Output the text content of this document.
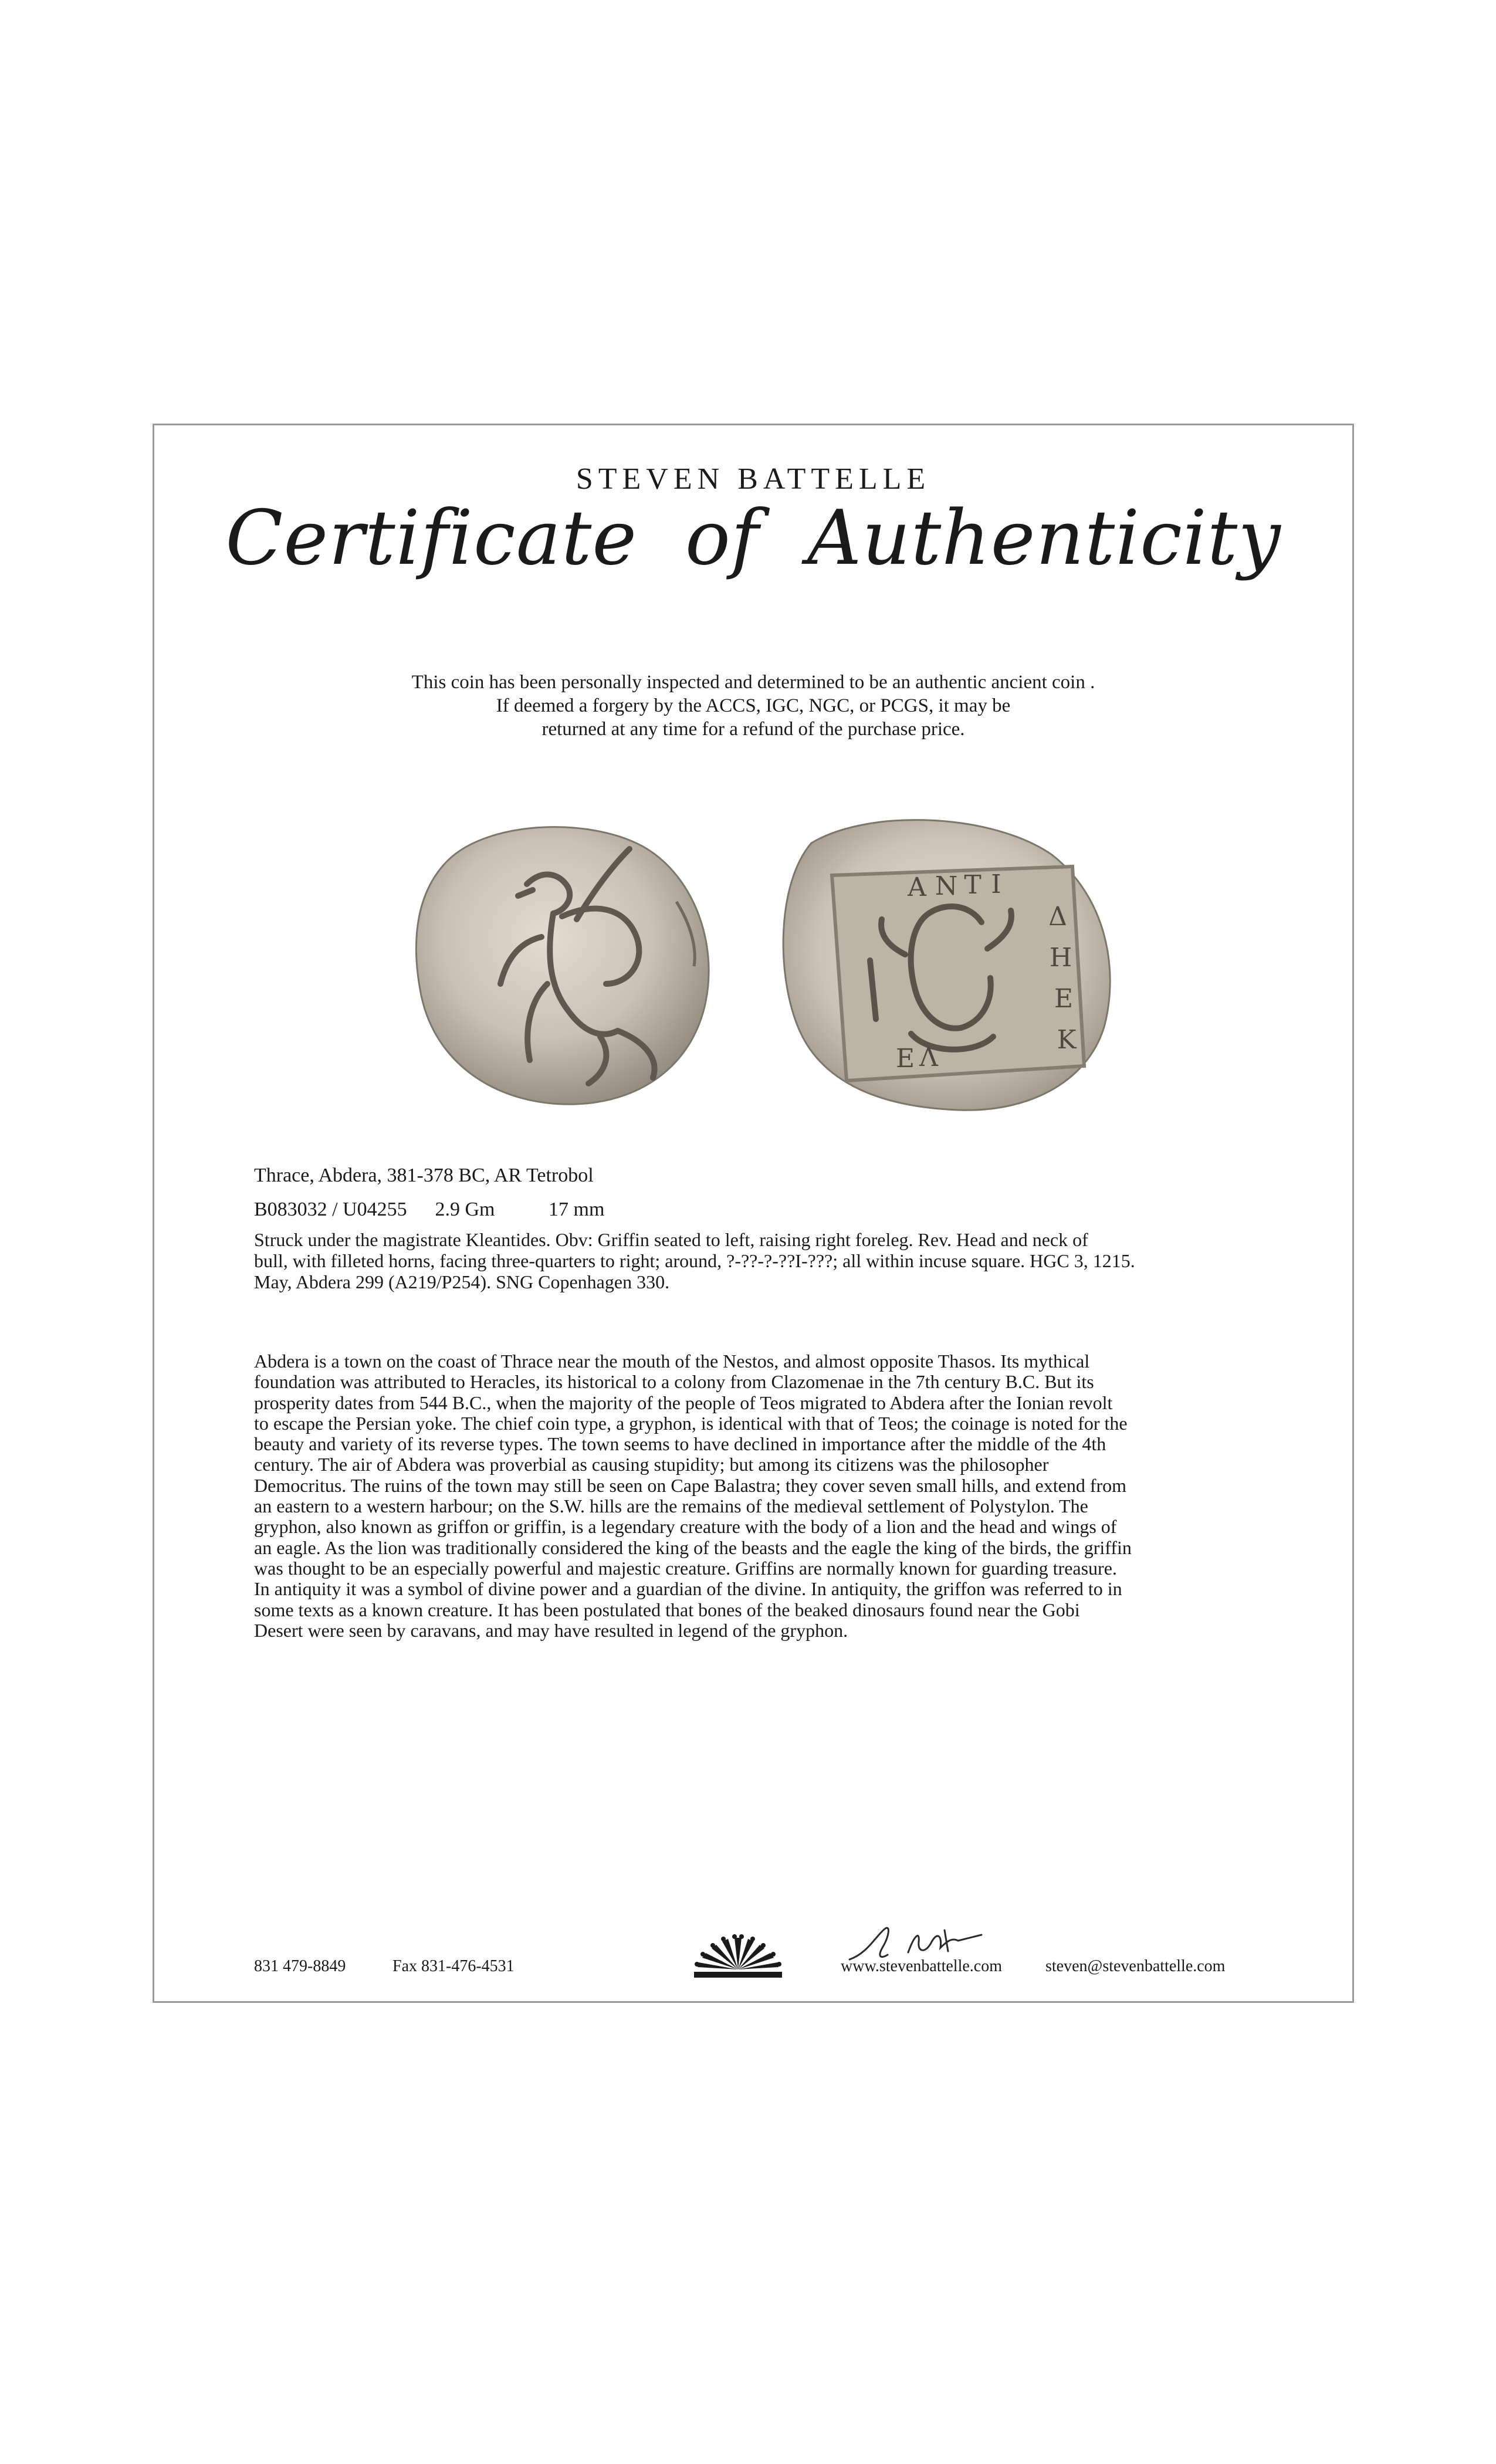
STEVEN BATTELLE
Certificate of Authenticity
This coin has been personally inspected and determined to be an authentic ancient coin .
If deemed a forgery by the ACCS, IGC, NGC, or PCGS, it may be
returned at any time for a refund of the purchase price.
Α Ν Τ Ι
Δ
Η
Ε
Κ
Λ
Ε
Thrace, Abdera, 381-378 BC, AR Tetrobol
B083032 / U04255 2.9 Gm	17 mm
Struck under the magistrate Kleantides. Obv: Griffin seated to left, raising right foreleg. Rev. Head and neck of
bull, with filleted horns, facing three-quarters to right; around, ?-??-?-??I-???; all within incuse square. HGC 3, 1215.
May, Abdera 299 (A219/P254). SNG Copenhagen 330.
Abdera is a town on the coast of Thrace near the mouth of the Nestos, and almost opposite Thasos. Its mythical
foundation was attributed to Heracles, its historical to a colony from Clazomenae in the 7th century B.C. But its
prosperity dates from 544 B.C., when the majority of the people of Teos migrated to Abdera after the Ionian revolt
to escape the Persian yoke. The chief coin type, a gryphon, is identical with that of Teos; the coinage is noted for the
beauty and variety of its reverse types. The town seems to have declined in importance after the middle of the 4th
century. The air of Abdera was proverbial as causing stupidity; but among its citizens was the philosopher
Democritus. The ruins of the town may still be seen on Cape Balastra; they cover seven small hills, and extend from
an eastern to a western harbour; on the S.W. hills are the remains of the medieval settlement of Polystylon. The
gryphon, also known as griffon or griffin, is a legendary creature with the body of a lion and the head and wings of
an eagle. As the lion was traditionally considered the king of the beasts and the eagle the king of the birds, the griffin
was thought to be an especially powerful and majestic creature. Griffins are normally known for guarding treasure.
In antiquity it was a symbol of divine power and a guardian of the divine. In antiquity, the griffon was referred to in
some texts as a known creature. It has been postulated that bones of the beaked dinosaurs found near the Gobi
Desert were seen by caravans, and may have resulted in legend of the gryphon.
831 479-8849	Fax 831-476-4531	www.stevenbattelle.com	steven@stevenbattelle.com
